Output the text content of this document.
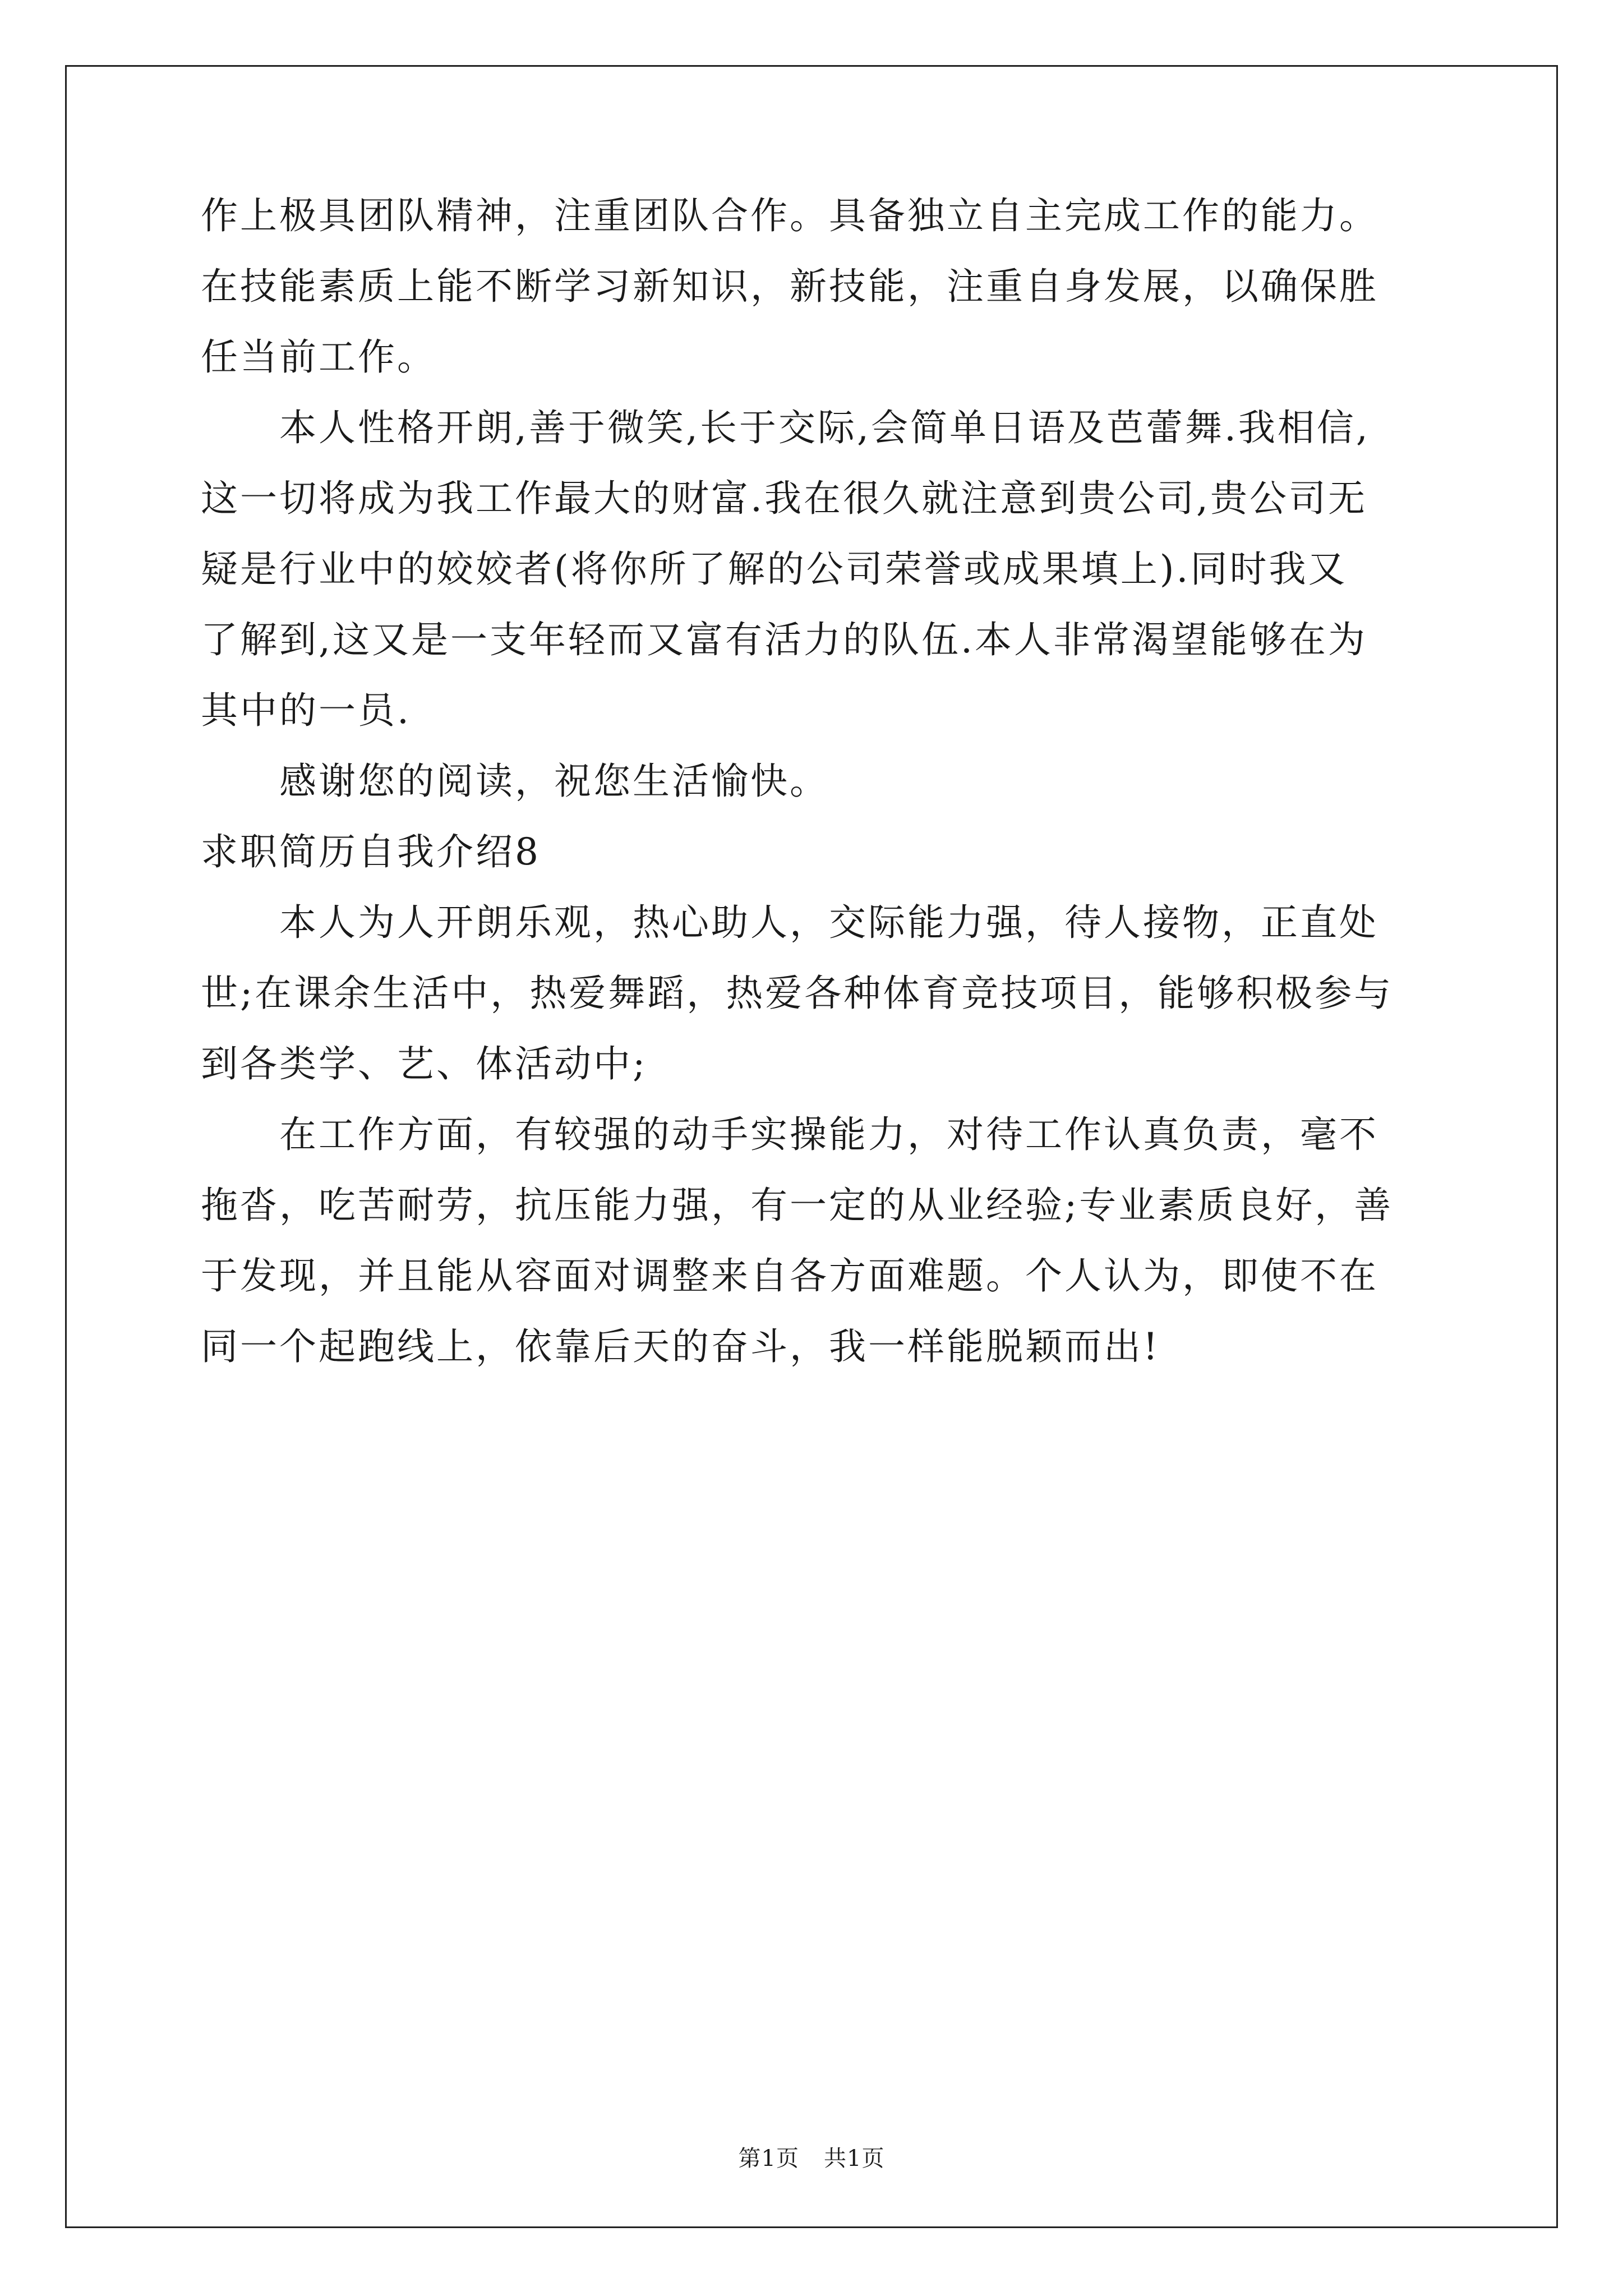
作上极具团队精神，注重团队合作。具备独立自主完成工作的能力。
在技能素质上能不断学习新知识，新技能，注重自身发展，以确保胜
任当前工作。
　　本人性格开朗,善于微笑,长于交际,会简单日语及芭蕾舞.我相信,
这一切将成为我工作最大的财富.我在很久就注意到贵公司,贵公司无
疑是行业中的姣姣者(将你所了解的公司荣誉或成果填上).同时我又
了解到,这又是一支年轻而又富有活力的队伍.本人非常渴望能够在为
其中的一员.
　　感谢您的阅读，祝您生活愉快。
求职简历自我介绍8
　　本人为人开朗乐观，热心助人，交际能力强，待人接物，正直处
世;在课余生活中，热爱舞蹈，热爱各种体育竞技项目，能够积极参与
到各类学、艺、体活动中;
　　在工作方面，有较强的动手实操能力，对待工作认真负责，毫不
拖沓，吃苦耐劳，抗压能力强，有一定的从业经验;专业素质良好，善
于发现，并且能从容面对调整来自各方面难题。个人认为，即使不在
同一个起跑线上，依靠后天的奋斗，我一样能脱颖而出!
第1页 共1页
